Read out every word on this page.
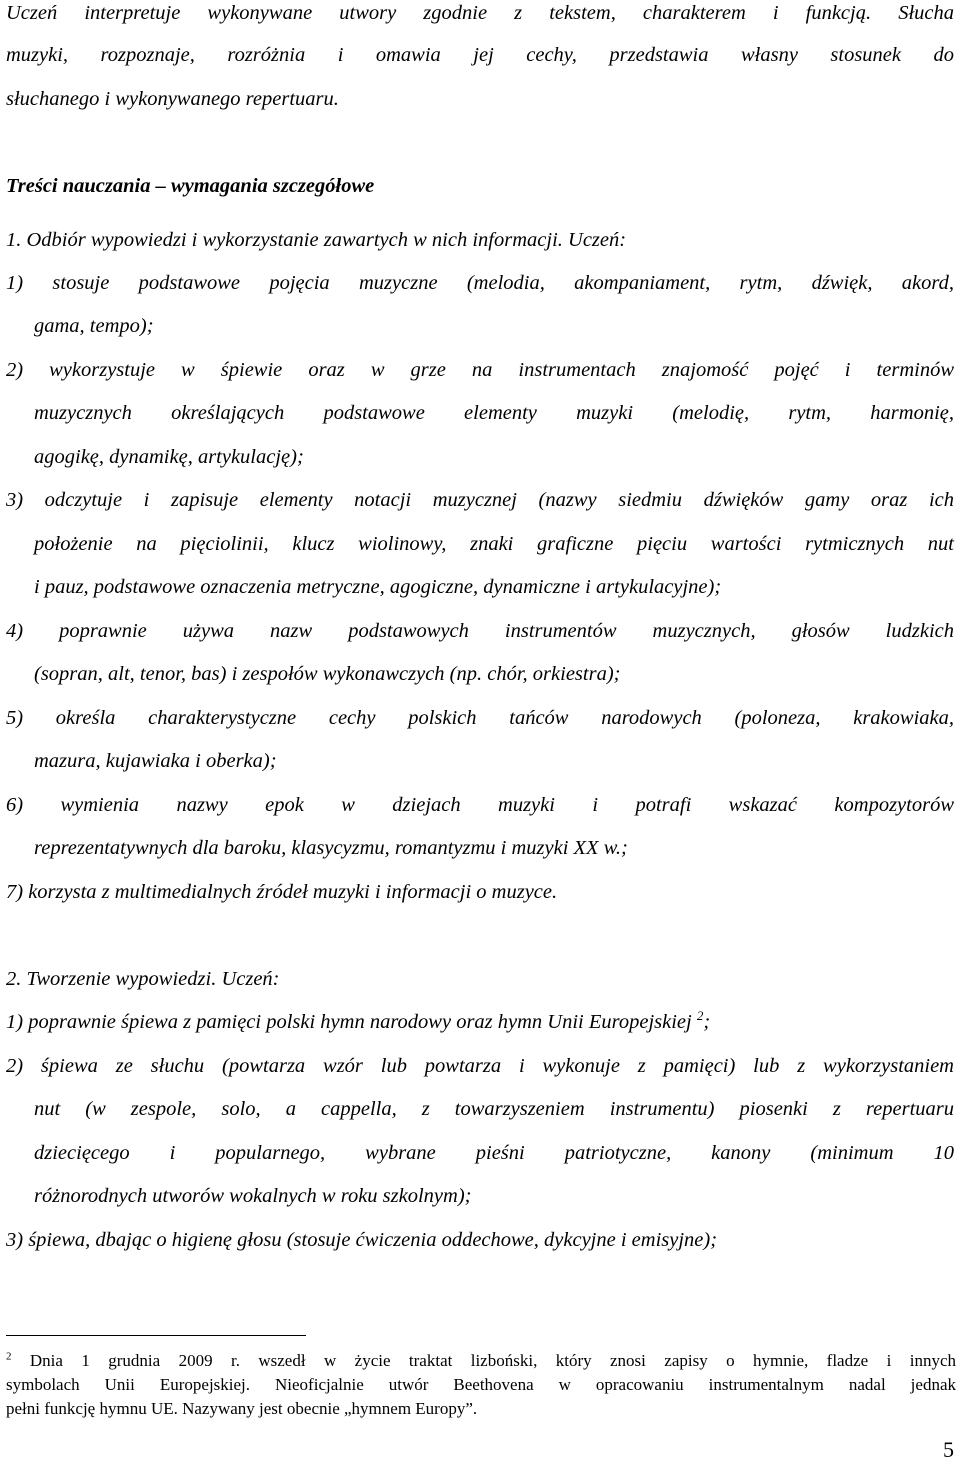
Uczeń interpretuje wykonywane utwory zgodnie z tekstem, charakterem i funkcją. Słucha
muzyki, rozpoznaje, rozróżnia i omawia jej cechy, przedstawia własny stosunek do
słuchanego i wykonywanego repertuaru.
Treści nauczania – wymagania szczegółowe
1. Odbiór wypowiedzi i wykorzystanie zawartych w nich informacji. Uczeń:
1) stosuje podstawowe pojęcia muzyczne (melodia, akompaniament, rytm, dźwięk, akord,
gama, tempo);
2) wykorzystuje w śpiewie oraz w grze na instrumentach znajomość pojęć i terminów
muzycznych określających podstawowe elementy muzyki (melodię, rytm, harmonię,
agogikę, dynamikę, artykulację);
3) odczytuje i zapisuje elementy notacji muzycznej (nazwy siedmiu dźwięków gamy oraz ich
położenie na pięciolinii, klucz wiolinowy, znaki graficzne pięciu wartości rytmicznych nut
i pauz, podstawowe oznaczenia metryczne, agogiczne, dynamiczne i artykulacyjne);
4) poprawnie używa nazw podstawowych instrumentów muzycznych, głosów ludzkich
(sopran, alt, tenor, bas) i zespołów wykonawczych (np. chór, orkiestra);
5) określa charakterystyczne cechy polskich tańców narodowych (poloneza, krakowiaka,
mazura, kujawiaka i oberka);
6) wymienia nazwy epok w dziejach muzyki i potrafi wskazać kompozytorów
reprezentatywnych dla baroku, klasycyzmu, romantyzmu i muzyki XX w.;
7) korzysta z multimedialnych źródeł muzyki i informacji o muzyce.
2. Tworzenie wypowiedzi. Uczeń:
1) poprawnie śpiewa z pamięci polski hymn narodowy oraz hymn Unii Europejskiej $^2$;
2) śpiewa ze słuchu (powtarza wzór lub powtarza i wykonuje z pamięci) lub z wykorzystaniem
nut (w zespole, solo, a cappella, z towarzyszeniem instrumentu) piosenki z repertuaru
dziecięcego i popularnego, wybrane pieśni patriotyczne, kanony (minimum 10
różnorodnych utworów wokalnych w roku szkolnym);
3) śpiewa, dbając o higienę głosu (stosuje ćwiczenia oddechowe, dykcyjne i emisyjne);
$^2$ Dnia 1 grudnia 2009 r. wszedł w życie traktat lizboński, który znosi zapisy o hymnie, fladze i innych
symbolach Unii Europejskiej. Nieoficjalnie utwór Beethovena w opracowaniu instrumentalnym nadal jednak
pełni funkcję hymnu UE. Nazywany jest obecnie „hymnem Europy”.
5
